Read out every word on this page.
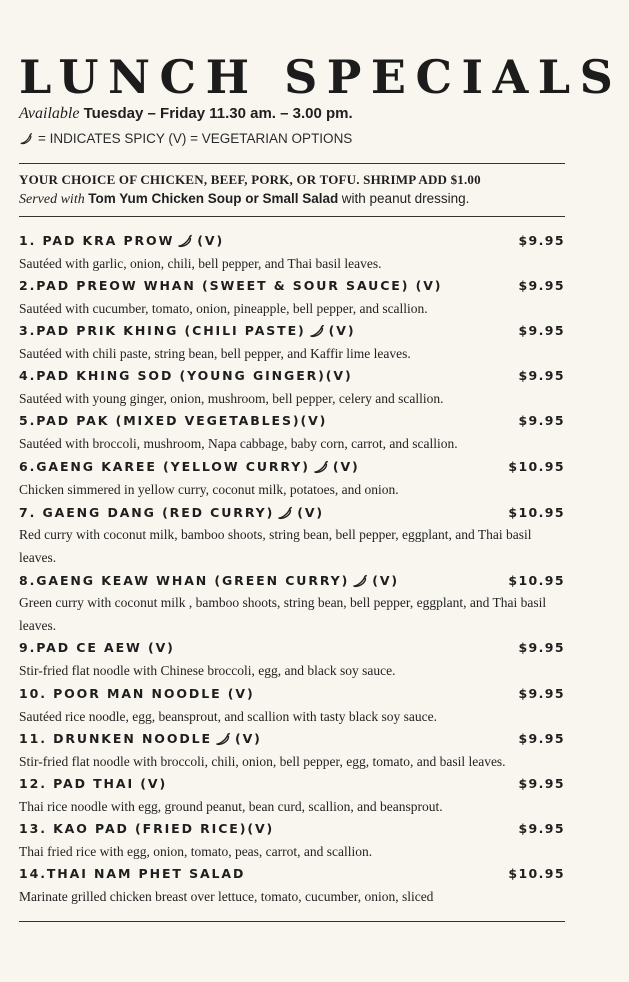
LUNCH SPECIALS
Available Tuesday – Friday 11.30 am. – 3.00 pm.
= INDICATES SPICY (V) = VEGETARIAN OPTIONS
YOUR CHOICE OF CHICKEN, BEEF, PORK, OR TOFU. SHRIMP ADD $1.00
Served with Tom Yum Chicken Soup or Small Salad with peanut dressing.
1. PAD KRA PROW (V)	$9.95
Sautéed with garlic, onion, chili, bell pepper, and Thai basil leaves.
2.PAD PREOW WHAN (SWEET & SOUR SAUCE) (V)	$9.95
Sautéed with cucumber, tomato, onion, pineapple, bell pepper, and scallion.
3.PAD PRIK KHING (CHILI PASTE) (V)	$9.95
Sautéed with chili paste, string bean, bell pepper, and Kaffir lime leaves.
4.PAD KHING SOD (YOUNG GINGER)(V)	$9.95
Sautéed with young ginger, onion, mushroom, bell pepper, celery and scallion.
5.PAD PAK (MIXED VEGETABLES)(V)	$9.95
Sautéed with broccoli, mushroom, Napa cabbage, baby corn, carrot, and scallion.
6.GAENG KAREE (YELLOW CURRY) (V)	$10.95
Chicken simmered in yellow curry, coconut milk, potatoes, and onion.
7. GAENG DANG (RED CURRY) (V)	$10.95
Red curry with coconut milk, bamboo shoots, string bean, bell pepper, eggplant, and Thai basil leaves.
8.GAENG KEAW WHAN (GREEN CURRY) (V)	$10.95
Green curry with coconut milk , bamboo shoots, string bean, bell pepper, eggplant, and Thai basil leaves.
9.PAD CE AEW (V)	$9.95
Stir-fried flat noodle with Chinese broccoli, egg, and black soy sauce.
10. POOR MAN NOODLE (V)	$9.95
Sautéed rice noodle, egg, beansprout, and scallion with tasty black soy sauce.
11. DRUNKEN NOODLE (V)	$9.95
Stir-fried flat noodle with broccoli, chili, onion, bell pepper, egg, tomato, and basil leaves.
12. PAD THAI (V)	$9.95
Thai rice noodle with egg, ground peanut, bean curd, scallion, and beansprout.
13. KAO PAD (FRIED RICE)(V)	$9.95
Thai fried rice with egg, onion, tomato, peas, carrot, and scallion.
14.THAI NAM PHET SALAD	$10.95
Marinate grilled chicken breast over lettuce, tomato, cucumber, onion, sliced
